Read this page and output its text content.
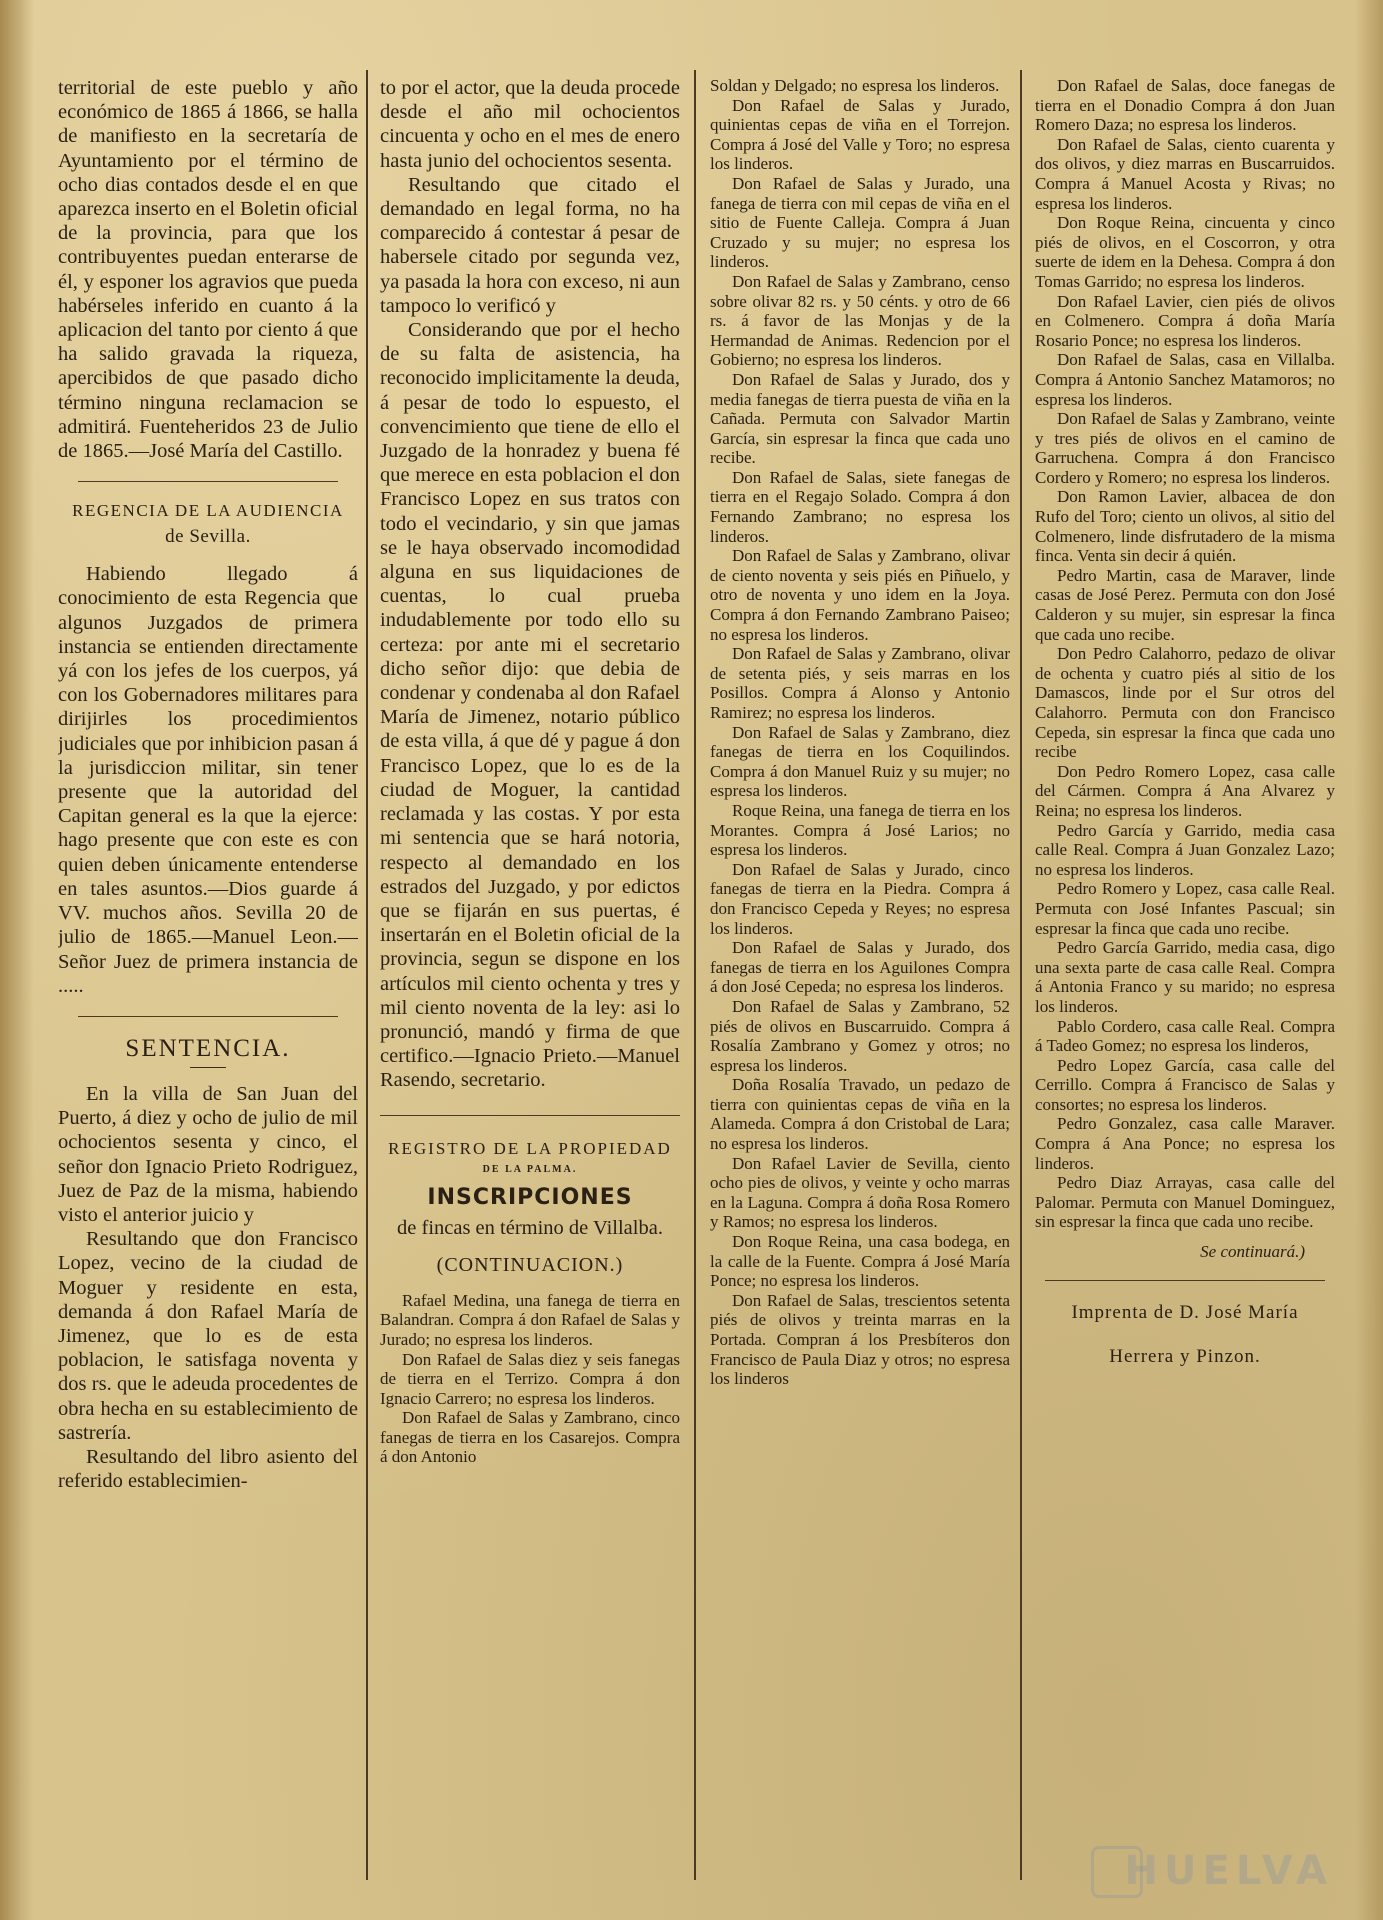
territorial de este pueblo y año económico de 1865 á 1866, se halla de manifiesto en la secretaría de Ayuntamiento por el término de ocho dias contados desde el en que aparezca inserto en el Boletin oficial de la provincia, para que los contribuyentes puedan enterarse de él, y esponer los agravios que pueda habérseles inferido en cuanto á la aplicacion del tanto por ciento á que ha salido gravada la riqueza, apercibidos de que pasado dicho término ninguna reclamacion se admitirá. Fuenteheridos 23 de Julio de 1865.—José María del Castillo.

REGENCIA DE LA AUDIENCIA
de Sevilla.

Habiendo llegado á conocimiento de esta Regencia que algunos Juzgados de primera instancia se entienden directamente yá con los jefes de los cuerpos, yá con los Gobernadores militares para dirijirles los procedimientos judiciales que por inhibicion pasan á la jurisdiccion militar, sin tener presente que la autoridad del Capitan general es la que la ejerce: hago presente que con este es con quien deben únicamente entenderse en tales asuntos.—Dios guarde á VV. muchos años. Sevilla 20 de julio de 1865.—Manuel Leon.—Señor Juez de primera instancia de .....

SENTENCIA.

En la villa de San Juan del Puerto, á diez y ocho de julio de mil ochocientos sesenta y cinco, el señor don Ignacio Prieto Rodriguez, Juez de Paz de la misma, habiendo visto el anterior juicio y

Resultando que don Francisco Lopez, vecino de la ciudad de Moguer y residente en esta, demanda á don Rafael María de Jimenez, que lo es de esta poblacion, le satisfaga noventa y dos rs. que le adeuda procedentes de obra hecha en su establecimiento de sastrería.

Resultando del libro asiento del referido establecimien-

to por el actor, que la deuda procede desde el año mil ochocientos cincuenta y ocho en el mes de enero hasta junio del ochocientos sesenta.

Resultando que citado el demandado en legal forma, no ha comparecido á contestar á pesar de habersele citado por segunda vez, ya pasada la hora con exceso, ni aun tampoco lo verificó y

Considerando que por el hecho de su falta de asistencia, ha reconocido implicitamente la deuda, á pesar de todo lo espuesto, el convencimiento que tiene de ello el Juzgado de la honradez y buena fé que merece en esta poblacion el don Francisco Lopez en sus tratos con todo el vecindario, y sin que jamas se le haya observado incomodidad alguna en sus liquidaciones de cuentas, lo cual prueba indudablemente por todo ello su certeza: por ante mi el secretario dicho señor dijo: que debia de condenar y condenaba al don Rafael María de Jimenez, notario público de esta villa, á que dé y pague á don Francisco Lopez, que lo es de la ciudad de Moguer, la cantidad reclamada y las costas. Y por esta mi sentencia que se hará notoria, respecto al demandado en los estrados del Juzgado, y por edictos que se fijarán en sus puertas, é insertarán en el Boletin oficial de la provincia, segun se dispone en los artículos mil ciento ochenta y tres y mil ciento noventa de la ley: asi lo pronunció, mandó y firma de que certifico.—Ignacio Prieto.—Manuel Rasendo, secretario.

REGISTRO DE LA PROPIEDAD
DE LA PALMA.
INSCRIPCIONES

de fincas en término de Villalba.

(CONTINUACION.)

Rafael Medina, una fanega de tierra en Balandran. Compra á don Rafael de Salas y Jurado; no espresa los linderos.

Don Rafael de Salas diez y seis fanegas de tierra en el Terrizo. Compra á don Ignacio Carrero; no espresa los linderos.

Don Rafael de Salas y Zambrano, cinco fanegas de tierra en los Casarejos. Compra á don Antonio

Soldan y Delgado; no espresa los linderos.

Don Rafael de Salas y Jurado, quinientas cepas de viña en el Torrejon. Compra á José del Valle y Toro; no espresa los linderos.

Don Rafael de Salas y Jurado, una fanega de tierra con mil cepas de viña en el sitio de Fuente Calleja. Compra á Juan Cruzado y su mujer; no espresa los linderos.

Don Rafael de Salas y Zambrano, censo sobre olivar 82 rs. y 50 cénts. y otro de 66 rs. á favor de las Monjas y de la Hermandad de Animas. Redencion por el Gobierno; no espresa los linderos.

Don Rafael de Salas y Jurado, dos y media fanegas de tierra puesta de viña en la Cañada. Permuta con Salvador Martin García, sin espresar la finca que cada uno recibe.

Don Rafael de Salas, siete fanegas de tierra en el Regajo Solado. Compra á don Fernando Zambrano; no espresa los linderos.

Don Rafael de Salas y Zambrano, olivar de ciento noventa y seis piés en Piñuelo, y otro de noventa y uno idem en la Joya. Compra á don Fernando Zambrano Paiseo; no espresa los linderos.

Don Rafael de Salas y Zambrano, olivar de setenta piés, y seis marras en los Posillos. Compra á Alonso y Antonio Ramirez; no espresa los linderos.

Don Rafael de Salas y Zambrano, diez fanegas de tierra en los Coquilindos. Compra á don Manuel Ruiz y su mujer; no espresa los linderos.

Roque Reina, una fanega de tierra en los Morantes. Compra á José Larios; no espresa los linderos.

Don Rafael de Salas y Jurado, cinco fanegas de tierra en la Piedra. Compra á don Francisco Cepeda y Reyes; no espresa los linderos.

Don Rafael de Salas y Jurado, dos fanegas de tierra en los Aguilones Compra á don José Cepeda; no espresa los linderos.

Don Rafael de Salas y Zambrano, 52 piés de olivos en Buscarruido. Compra á Rosalía Zambrano y Gomez y otros; no espresa los linderos.

Doña Rosalía Travado, un pedazo de tierra con quinientas cepas de viña en la Alameda. Compra á don Cristobal de Lara; no espresa los linderos.

Don Rafael Lavier de Sevilla, ciento ocho pies de olivos, y veinte y ocho marras en la Laguna. Compra á doña Rosa Romero y Ramos; no espresa los linderos.

Don Roque Reina, una casa bodega, en la calle de la Fuente. Compra á José María Ponce; no espresa los linderos.

Don Rafael de Salas, trescientos setenta piés de olivos y treinta marras en la Portada. Compran á los Presbíteros don Francisco de Paula Diaz y otros; no espresa los linderos

Don Rafael de Salas, doce fanegas de tierra en el Donadio Compra á don Juan Romero Daza; no espresa los linderos.

Don Rafael de Salas, ciento cuarenta y dos olivos, y diez marras en Buscarruidos. Compra á Manuel Acosta y Rivas; no espresa los linderos.

Don Roque Reina, cincuenta y cinco piés de olivos, en el Coscorron, y otra suerte de idem en la Dehesa. Compra á don Tomas Garrido; no espresa los linderos.

Don Rafael Lavier, cien piés de olivos en Colmenero. Compra á doña María Rosario Ponce; no espresa los linderos.

Don Rafael de Salas, casa en Villalba. Compra á Antonio Sanchez Matamoros; no espresa los linderos.

Don Rafael de Salas y Zambrano, veinte y tres piés de olivos en el camino de Garruchena. Compra á don Francisco Cordero y Romero; no espresa los linderos.

Don Ramon Lavier, albacea de don Rufo del Toro; ciento un olivos, al sitio del Colmenero, linde disfrutadero de la misma finca. Venta sin decir á quién.

Pedro Martin, casa de Maraver, linde casas de José Perez. Permuta con don José Calderon y su mujer, sin espresar la finca que cada uno recibe.

Don Pedro Calahorro, pedazo de olivar de ochenta y cuatro piés al sitio de los Damascos, linde por el Sur otros del Calahorro. Permuta con don Francisco Cepeda, sin espresar la finca que cada uno recibe

Don Pedro Romero Lopez, casa calle del Cármen. Compra á Ana Alvarez y Reina; no espresa los linderos.

Pedro García y Garrido, media casa calle Real. Compra á Juan Gonzalez Lazo; no espresa los linderos.

Pedro Romero y Lopez, casa calle Real. Permuta con José Infantes Pascual; sin espresar la finca que cada uno recibe.

Pedro García Garrido, media casa, digo una sexta parte de casa calle Real. Compra á Antonia Franco y su marido; no espresa los linderos.

Pablo Cordero, casa calle Real. Compra á Tadeo Gomez; no espresa los linderos,

Pedro Lopez García, casa calle del Cerrillo. Compra á Francisco de Salas y consortes; no espresa los linderos.

Pedro Gonzalez, casa calle Maraver. Compra á Ana Ponce; no espresa los linderos.

Pedro Diaz Arrayas, casa calle del Palomar. Permuta con Manuel Dominguez, sin espresar la finca que cada uno recibe.

Se continuará.)

Imprenta de D. José María

Herrera y Pinzon.

HUELVA
